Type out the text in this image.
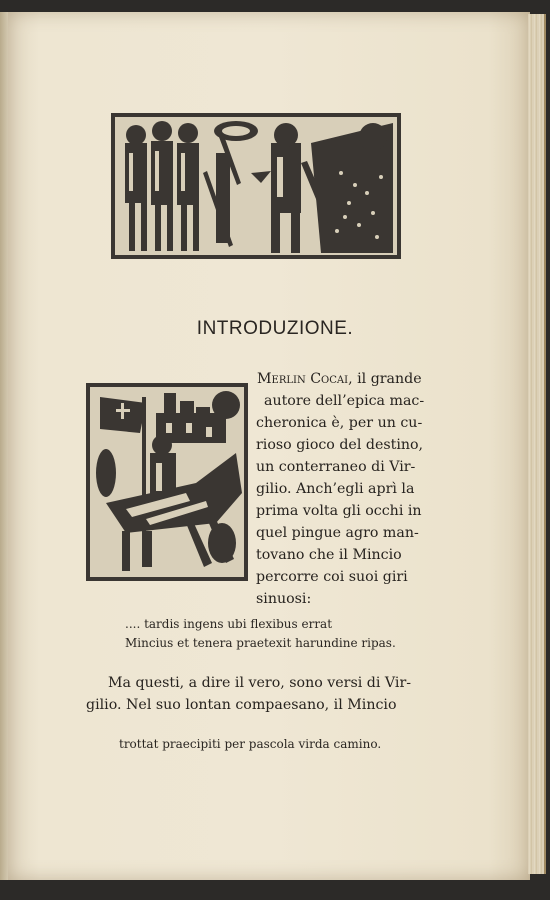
INTRODUZIONE.
Merlin Cocai, il grande
autore dell’epica mac-
cheronica è, per un cu-
rioso gioco del destino,
un conterraneo di Vir-
gilio. Anch’egli aprì la
prima volta gli occhi in
quel pingue agro man-
tovano che il Mincio
percorre coi suoi giri
sinuosi:
.... tardis ingens ubi flexibus errat
Mincius et tenera praetexit harundine ripas.
Ma questi, a dire il vero, sono versi di Vir-
gilio. Nel suo lontan compaesano, il Mincio
trottat praecipiti per pascola virda camino.
